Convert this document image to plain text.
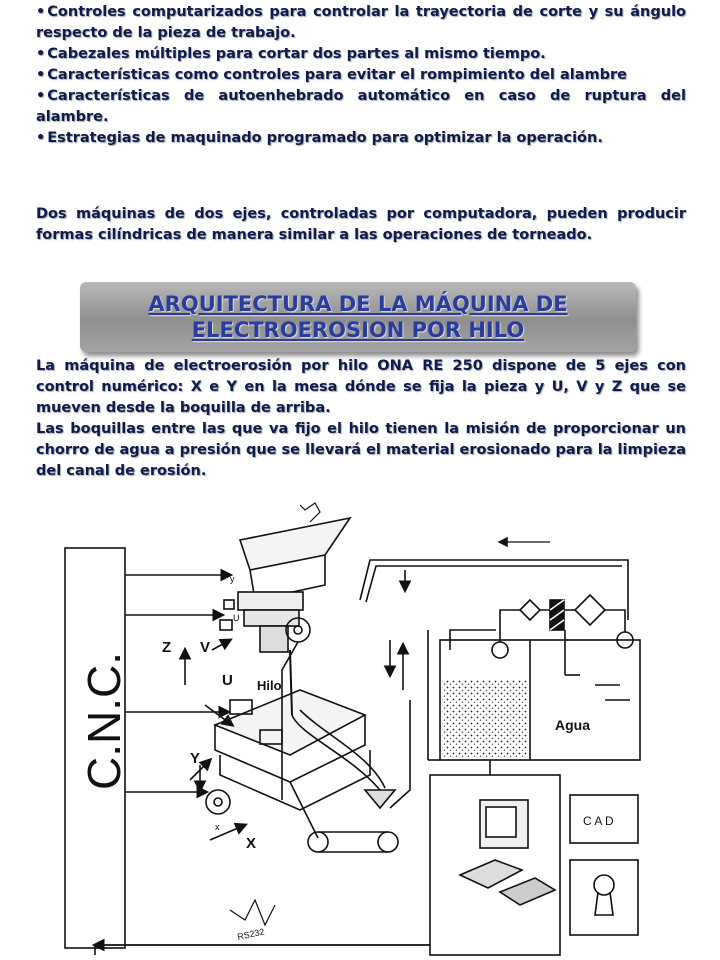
• Controles computarizados para controlar la trayectoria de corte y su ángulo respecto de la pieza de trabajo.
• Cabezales múltiples para cortar dos partes al mismo tiempo.
• Características como controles para evitar el rompimiento del alambre
• Características de autoenhebrado automático en caso de ruptura del alambre.
• Estrategias de maquinado programado para optimizar la operación.

Dos máquinas de dos ejes, controladas por computadora, pueden producir formas cilíndricas de manera similar a las operaciones de torneado.

ARQUITECTURA DE LA MÁQUINA DE
ELECTROEROSION POR HILO

La máquina de electroerosión por hilo ONA RE 250 dispone de 5 ejes con control numérico: X e Y en la mesa dónde se fija la pieza y U, V y Z que se mueven desde la boquilla de arriba.

Las boquillas entre las que va fijo el hilo tienen la misión de proporcionar un chorro de agua a presión que se llevará el material erosionado para la limpieza del canal de erosión.

C.N.C.
Z V
U
Y
X
U
y
x
Hilo
Agua
C A D
RS232
